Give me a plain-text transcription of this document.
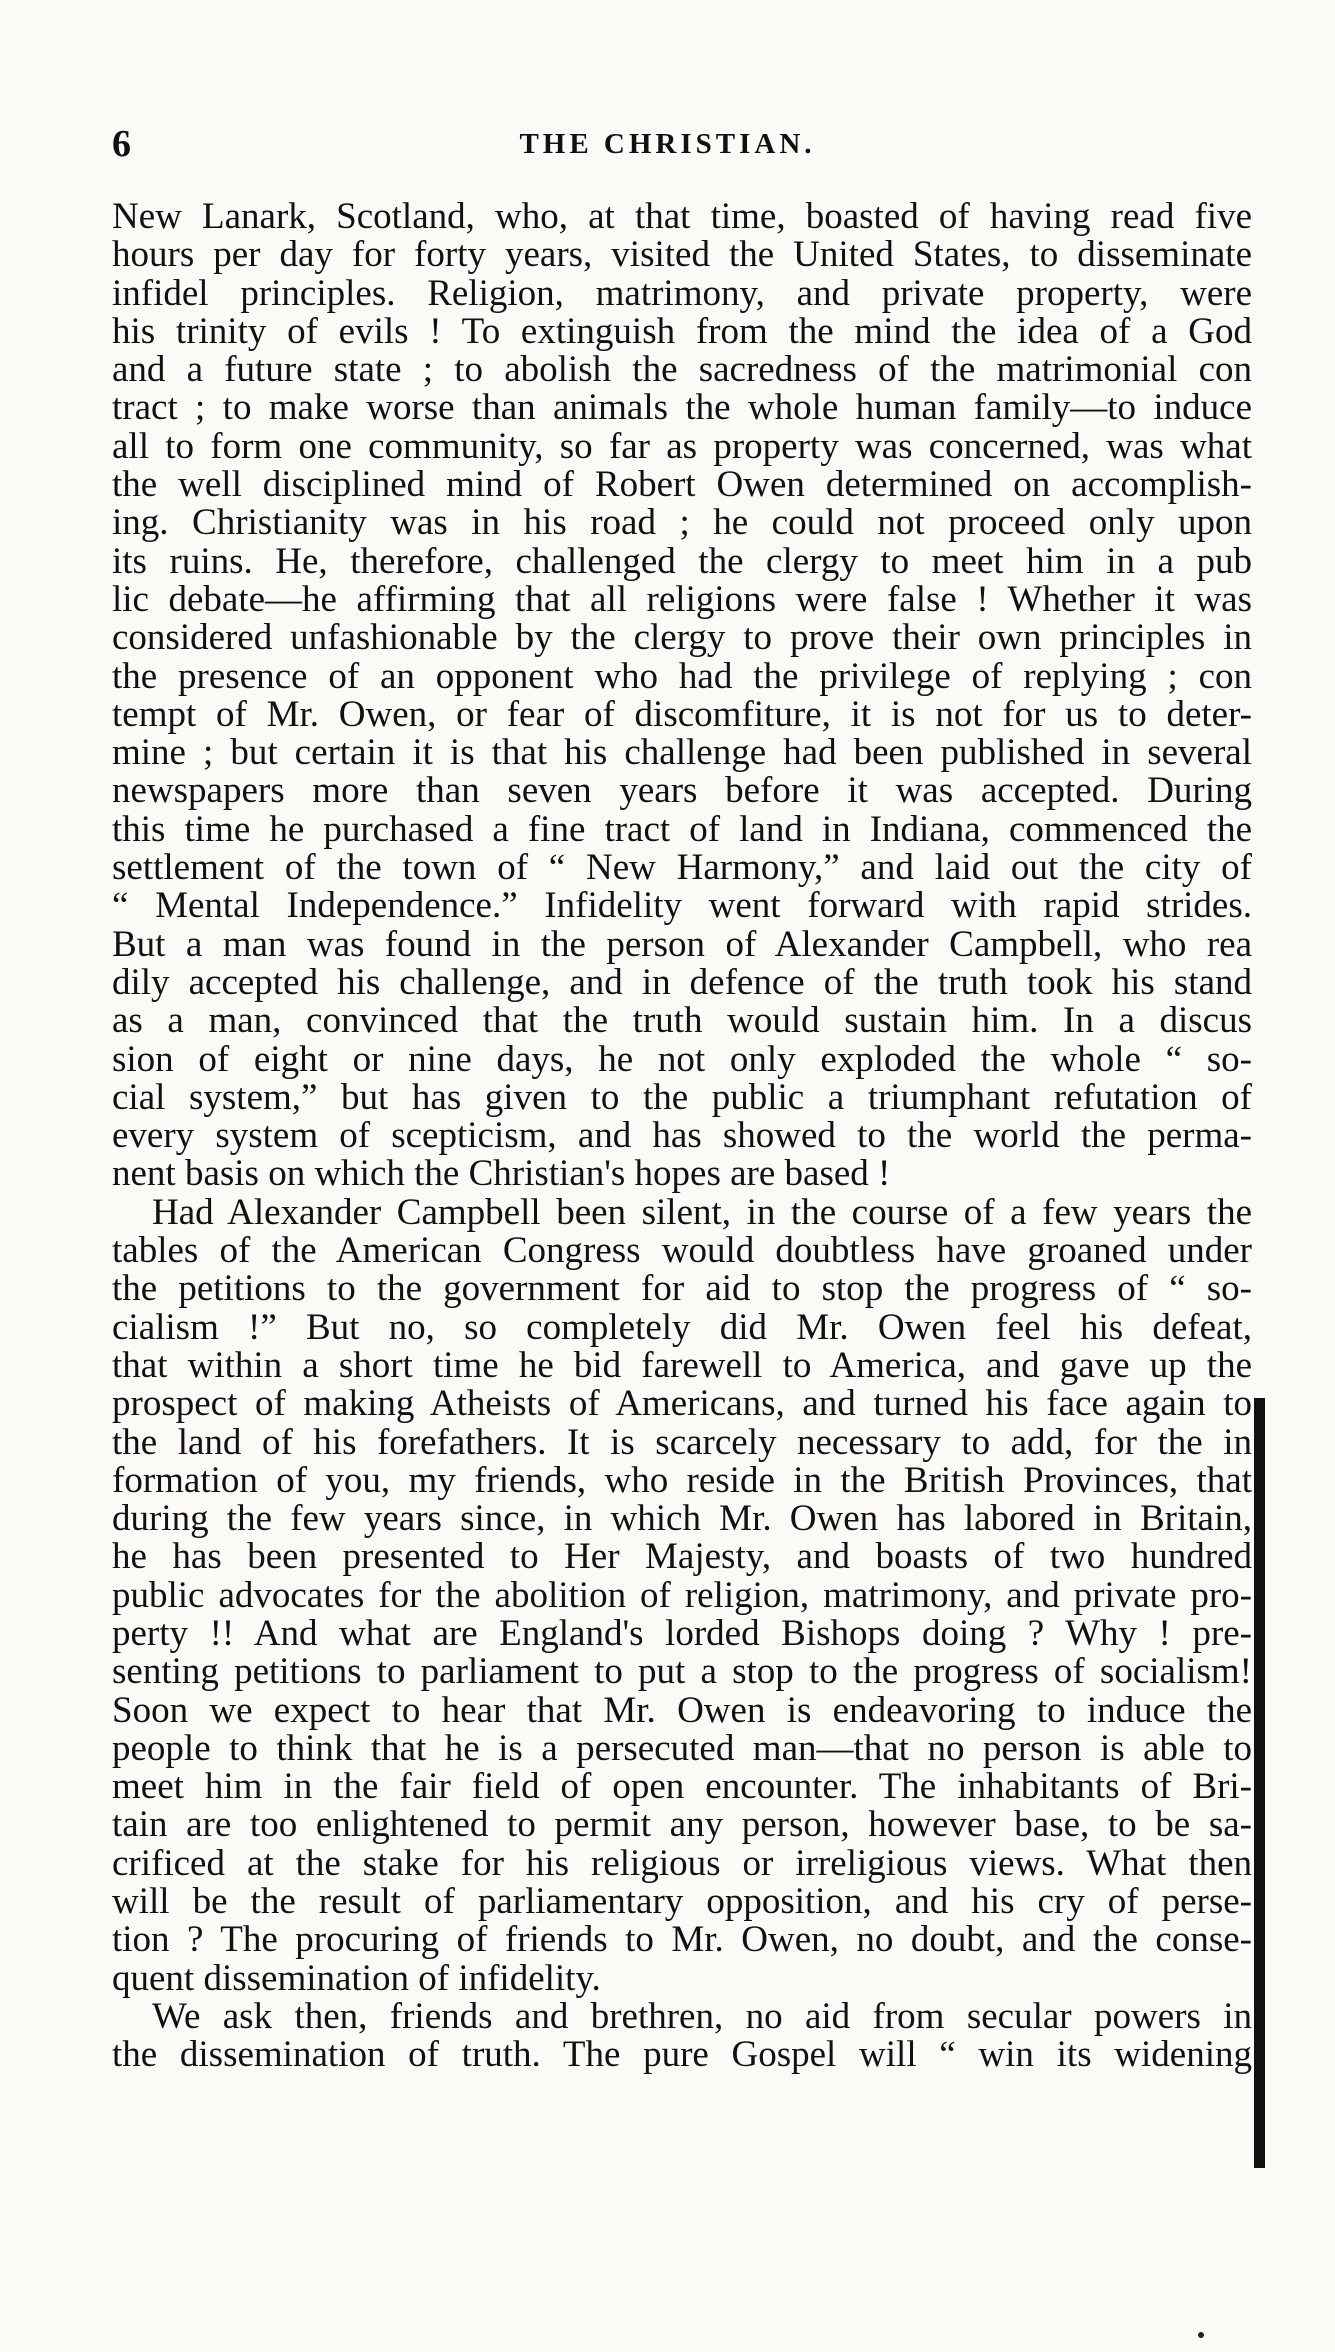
6	THE CHRISTIAN.
New Lanark, Scotland, who, at that time, boasted of having read five
hours per day for forty years, visited the United States, to disseminate
infidel principles. Religion, matrimony, and private property, were
his trinity of evils ! To extinguish from the mind the idea of a God
and a future state ; to abolish the sacredness of the matrimonial con
tract ; to make worse than animals the whole human family—to induce
all to form one community, so far as property was concerned, was what
the well disciplined mind of Robert Owen determined on accomplish-
ing. Christianity was in his road ; he could not proceed only upon
its ruins. He, therefore, challenged the clergy to meet him in a pub
lic debate—he affirming that all religions were false ! Whether it was
considered unfashionable by the clergy to prove their own principles in
the presence of an opponent who had the privilege of replying ; con
tempt of Mr. Owen, or fear of discomfiture, it is not for us to deter-
mine ; but certain it is that his challenge had been published in several
newspapers more than seven years before it was accepted. During
this time he purchased a fine tract of land in Indiana, commenced the
settlement of the town of “ New Harmony,” and laid out the city of
“ Mental Independence.” Infidelity went forward with rapid strides.
But a man was found in the person of Alexander Campbell, who rea
dily accepted his challenge, and in defence of the truth took his stand
as a man, convinced that the truth would sustain him. In a discus
sion of eight or nine days, he not only exploded the whole “ so-
cial system,” but has given to the public a triumphant refutation of
every system of scepticism, and has showed to the world the perma-
nent basis on which the Christian's hopes are based !
Had Alexander Campbell been silent, in the course of a few years the
tables of the American Congress would doubtless have groaned under
the petitions to the government for aid to stop the progress of “ so-
cialism !” But no, so completely did Mr. Owen feel his defeat,
that within a short time he bid farewell to America, and gave up the
prospect of making Atheists of Americans, and turned his face again to
the land of his forefathers. It is scarcely necessary to add, for the in
formation of you, my friends, who reside in the British Provinces, that
during the few years since, in which Mr. Owen has labored in Britain,
he has been presented to Her Majesty, and boasts of two hundred
public advocates for the abolition of religion, matrimony, and private pro-
perty !! And what are England's lorded Bishops doing ? Why ! pre-
senting petitions to parliament to put a stop to the progress of socialism!
Soon we expect to hear that Mr. Owen is endeavoring to induce the
people to think that he is a persecuted man—that no person is able to
meet him in the fair field of open encounter. The inhabitants of Bri-
tain are too enlightened to permit any person, however base, to be sa-
crificed at the stake for his religious or irreligious views. What then
will be the result of parliamentary opposition, and his cry of perse-
tion ? The procuring of friends to Mr. Owen, no doubt, and the conse-
quent dissemination of infidelity.
We ask then, friends and brethren, no aid from secular powers in
the dissemination of truth. The pure Gospel will “ win its widening
